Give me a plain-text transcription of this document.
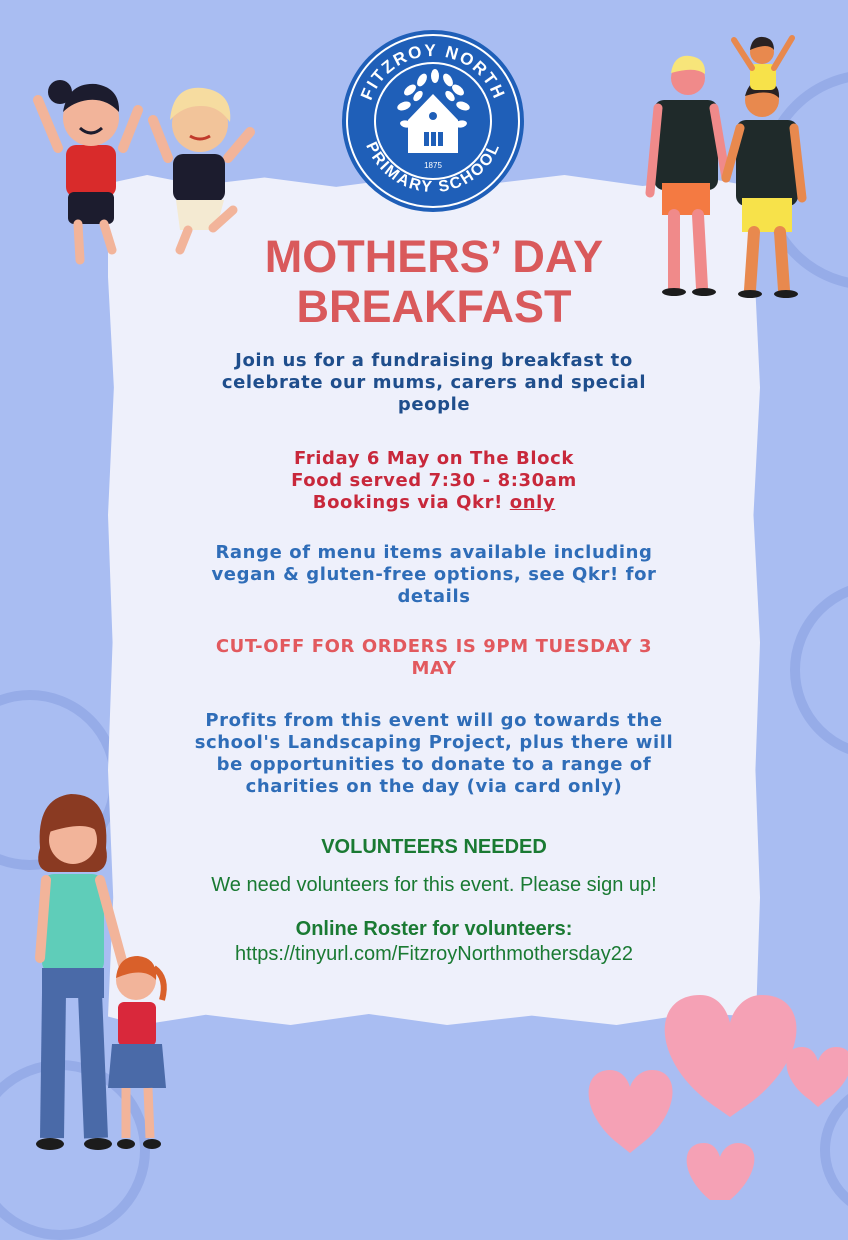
FITZROY NORTH
PRIMARY SCHOOL
1875
MOTHERS’ DAY
BREAKFAST

Join us for a fundraising breakfast to
celebrate our mums, carers and special
people

Friday 6 May on The Block
Food served 7:30 - 8:30am
Bookings via Qkr! only

Range of menu items available including
vegan & gluten-free options, see Qkr! for
details

CUT-OFF FOR ORDERS IS 9PM TUESDAY 3
MAY

Profits from this event will go towards the
school's Landscaping Project, plus there will
be opportunities to donate to a range of
charities on the day (via card only)

VOLUNTEERS NEEDED

We need volunteers for this event. Please sign up!

Online Roster for volunteers:

https://tinyurl.com/FitzroyNorthmothersday22
